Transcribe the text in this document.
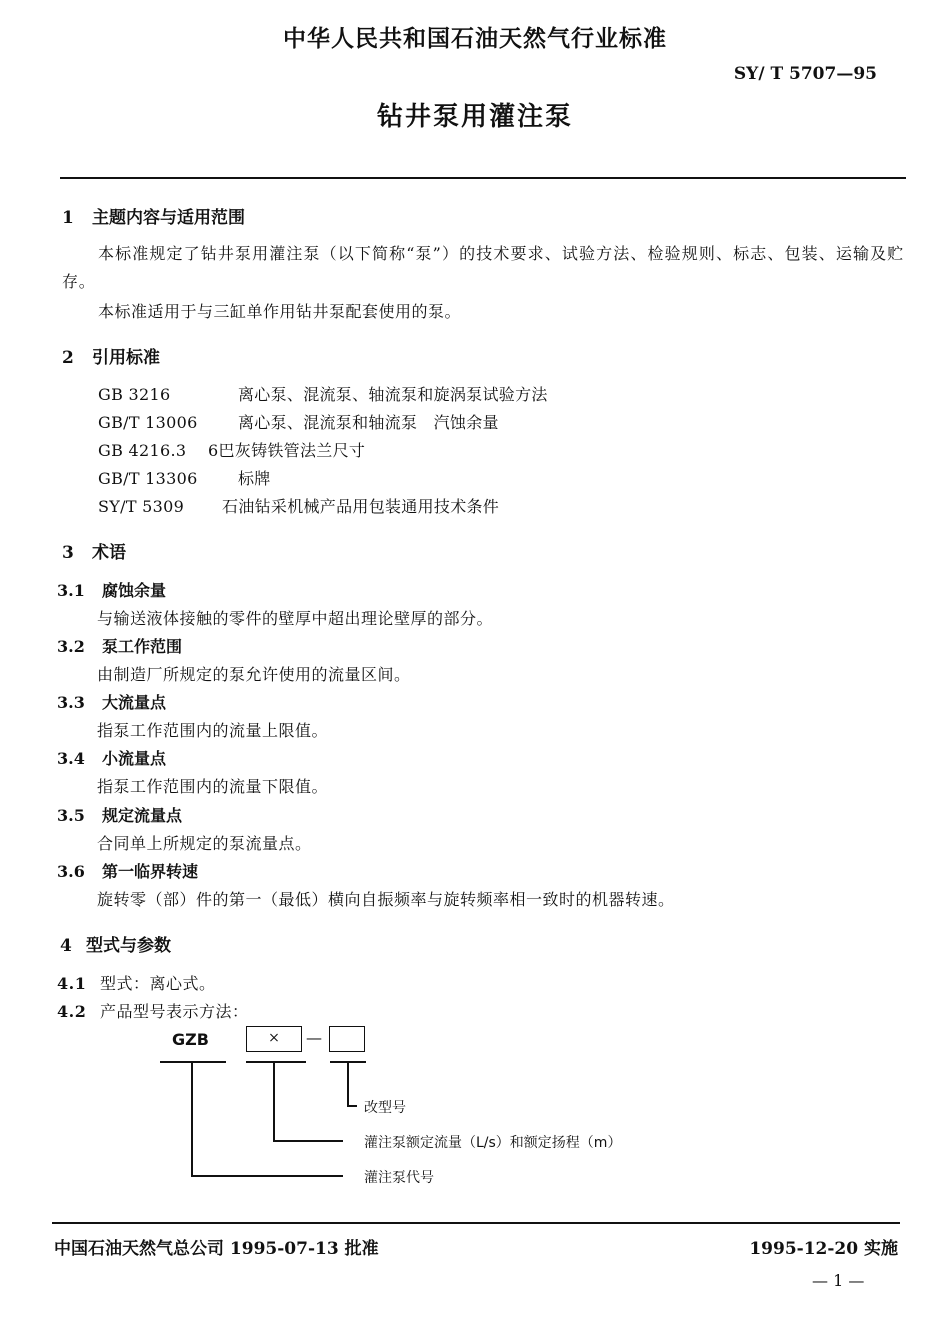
中华人民共和国石油天然气行业标准
SY/ T 5707—95
钻井泵用灌注泵
1 主题内容与适用范围
本标准规定了钻井泵用灌注泵（以下简称“泵”）的技术要求、试验方法、检验规则、标志、包装、运输及贮存。
本标准适用于与三缸单作用钻井泵配套使用的泵。
2 引用标准
GB 3216	离心泵、混流泵、轴流泵和旋涡泵试验方法
GB/T 13006	离心泵、混流泵和轴流泵　汽蚀余量
GB 4216.3 6巴灰铸铁管法兰尺寸
GB/T 13306	标牌
SY/T 5309 石油钻采机械产品用包装通用技术条件
3 术语
3.1 腐蚀余量
与输送液体接触的零件的壁厚中超出理论壁厚的部分。
3.2 泵工作范围
由制造厂所规定的泵允许使用的流量区间。
3.3 大流量点
指泵工作范围内的流量上限值。
3.4 小流量点
指泵工作范围内的流量下限值。
3.5 规定流量点
合同单上所规定的泵流量点。
3.6 第一临界转速
旋转零（部）件的第一（最低）横向自振频率与旋转频率相一致时的机器转速。
4 型式与参数
4.1 型式：离心式。
4.2 产品型号表示方法：
GZB	×	—
改型号
灌注泵额定流量（L/s）和额定扬程（m）
灌注泵代号
中国石油天然气总公司 1995-07-13 批准	1995-12-20 实施
— 1 —
